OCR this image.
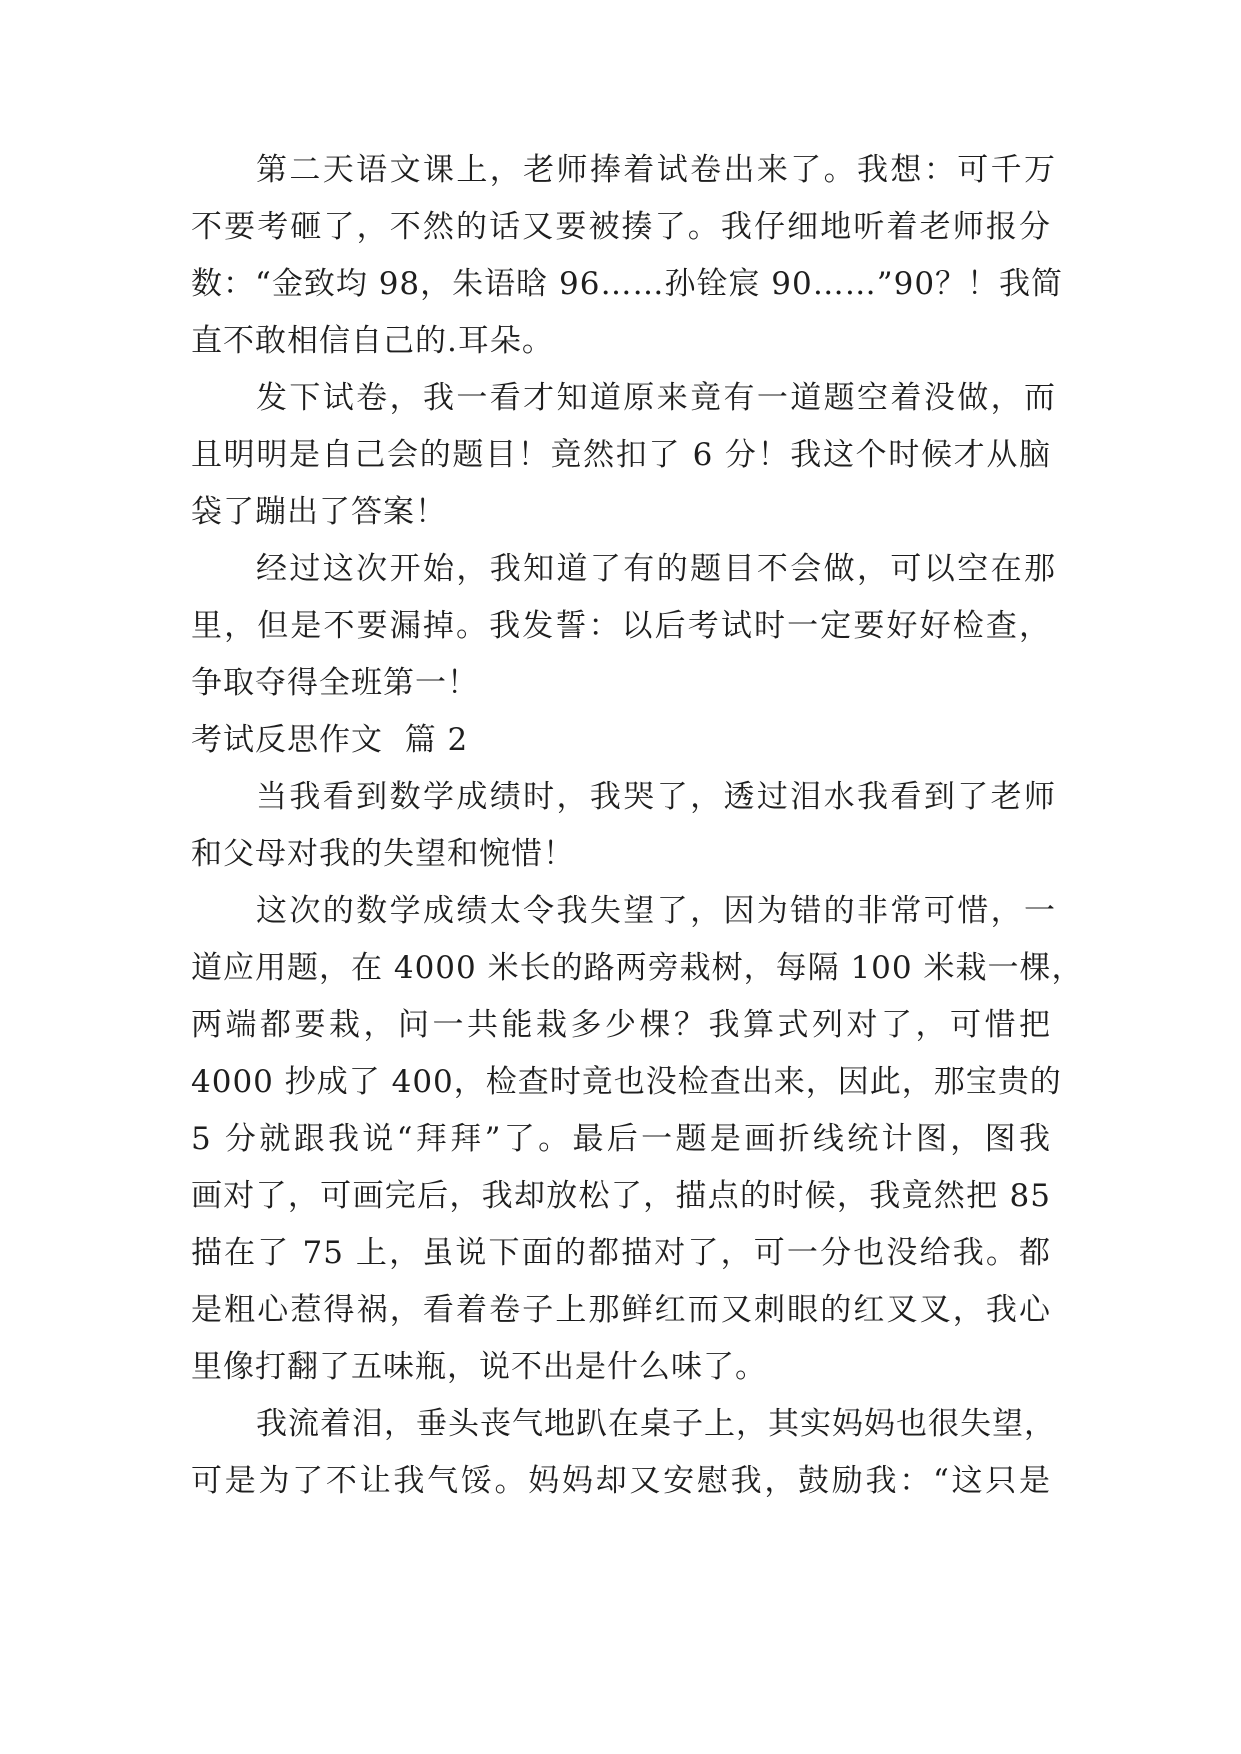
第二天语文课上，老师捧着试卷出来了。我想：可千万
不要考砸了，不然的话又要被揍了。我仔细地听着老师报分
数：“金致均 98，朱语晗 96……孙铨宸 90……”90？！我简
直不敢相信自己的.耳朵。
发下试卷，我一看才知道原来竟有一道题空着没做，而
且明明是自己会的题目！竟然扣了 6 分！我这个时候才从脑
袋了蹦出了答案！
经过这次开始，我知道了有的题目不会做，可以空在那
里，但是不要漏掉。我发誓：以后考试时一定要好好检查，
争取夺得全班第一！
考试反思作文  篇 2
当我看到数学成绩时，我哭了，透过泪水我看到了老师
和父母对我的失望和惋惜！
这次的数学成绩太令我失望了，因为错的非常可惜，一
道应用题，在 4000 米长的路两旁栽树，每隔 100 米栽一棵，
两端都要栽，问一共能栽多少棵？我算式列对了，可惜把
4000 抄成了 400，检查时竟也没检查出来，因此，那宝贵的
5 分就跟我说“拜拜”了。最后一题是画折线统计图，图我
画对了，可画完后，我却放松了，描点的时候，我竟然把 85
描在了 75 上，虽说下面的都描对了，可一分也没给我。都
是粗心惹得祸，看着卷子上那鲜红而又刺眼的红叉叉，我心
里像打翻了五味瓶，说不出是什么味了。
我流着泪，垂头丧气地趴在桌子上，其实妈妈也很失望，
可是为了不让我气馁。妈妈却又安慰我，鼓励我：“这只是
